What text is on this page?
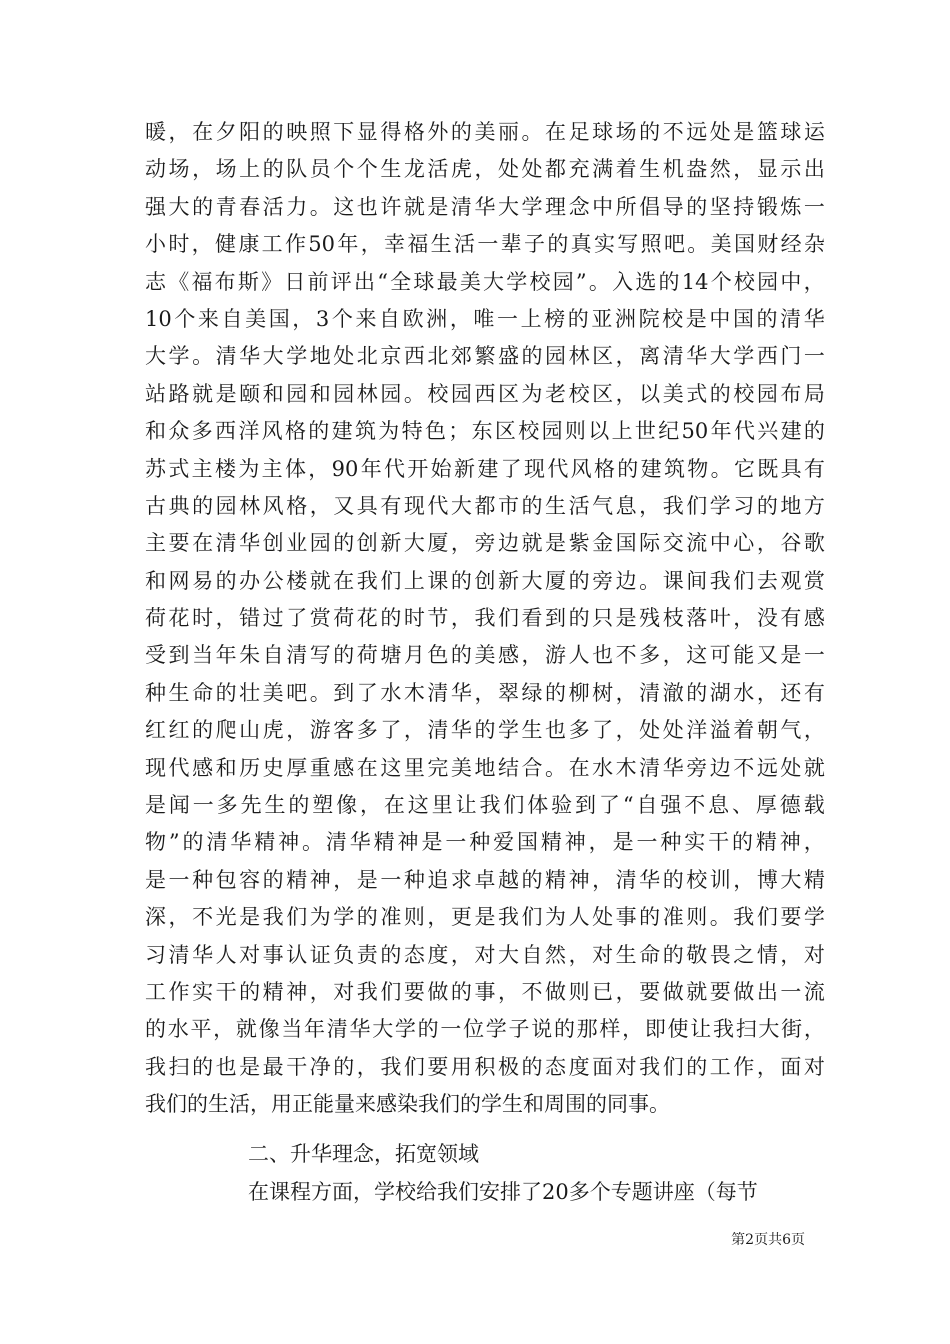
暖 ， 在 夕 阳 的 映 照 下 显 得 格 外 的 美 丽 。 在 足 球 场 的 不 远 处 是 篮 球 运
动 场 ， 场 上 的 队 员 个 个 生 龙 活 虎 ， 处 处 都 充 满 着 生 机 盎 然 ， 显 示 出
强 大 的 青 春 活 力 。 这 也 许 就 是 清 华 大 学 理 念 中 所 倡 导 的 坚 持 锻 炼 一
小 时 ， 健 康 工 作 50 年 ， 幸 福 生 活 一 辈 子 的 真 实 写 照 吧 。 美 国 财 经 杂
志 《 福 布 斯 》 日 前 评 出 “ 全 球 最 美 大 学 校 园 ” 。 入 选 的 14 个 校 园 中 ，
10 个 来 自 美 国 ， 3 个 来 自 欧 洲 ， 唯 一 上 榜 的 亚 洲 院 校 是 中 国 的 清 华
大 学 。 清 华 大 学 地 处 北 京 西 北 郊 繁 盛 的 园 林 区 ， 离 清 华 大 学 西 门 一
站 路 就 是 颐 和 园 和 园 林 园 。 校 园 西 区 为 老 校 区 ， 以 美 式 的 校 园 布 局
和 众 多 西 洋 风 格 的 建 筑 为 特 色 ； 东 区 校 园 则 以 上 世 纪 50 年 代 兴 建 的
苏 式 主 楼 为 主 体 ， 90 年 代 开 始 新 建 了 现 代 风 格 的 建 筑 物 。 它 既 具 有
古 典 的 园 林 风 格 ， 又 具 有 现 代 大 都 市 的 生 活 气 息 ， 我 们 学 习 的 地 方
主 要 在 清 华 创 业 园 的 创 新 大 厦 ， 旁 边 就 是 紫 金 国 际 交 流 中 心 ， 谷 歌
和 网 易 的 办 公 楼 就 在 我 们 上 课 的 创 新 大 厦 的 旁 边 。 课 间 我 们 去 观 赏
荷 花 时 ， 错 过 了 赏 荷 花 的 时 节 ， 我 们 看 到 的 只 是 残 枝 落 叶 ， 没 有 感
受 到 当 年 朱 自 清 写 的 荷 塘 月 色 的 美 感 ， 游 人 也 不 多 ， 这 可 能 又 是 一
种 生 命 的 壮 美 吧 。 到 了 水 木 清 华 ， 翠 绿 的 柳 树 ， 清 澈 的 湖 水 ， 还 有
红 红 的 爬 山 虎 ， 游 客 多 了 ， 清 华 的 学 生 也 多 了 ， 处 处 洋 溢 着 朝 气 ，
现 代 感 和 历 史 厚 重 感 在 这 里 完 美 地 结 合 。 在 水 木 清 华 旁 边 不 远 处 就
是 闻 一 多 先 生 的 塑 像 ， 在 这 里 让 我 们 体 验 到 了 “ 自 强 不 息 、 厚 德 载
物 ” 的 清 华 精 神 。 清 华 精 神 是 一 种 爱 国 精 神 ， 是 一 种 实 干 的 精 神 ，
是 一 种 包 容 的 精 神 ， 是 一 种 追 求 卓 越 的 精 神 ， 清 华 的 校 训 ， 博 大 精
深 ， 不 光 是 我 们 为 学 的 准 则 ， 更 是 我 们 为 人 处 事 的 准 则 。 我 们 要 学
习 清 华 人 对 事 认 证 负 责 的 态 度 ， 对 大 自 然 ， 对 生 命 的 敬 畏 之 情 ， 对
工 作 实 干 的 精 神 ， 对 我 们 要 做 的 事 ， 不 做 则 已 ， 要 做 就 要 做 出 一 流
的 水 平 ， 就 像 当 年 清 华 大 学 的 一 位 学 子 说 的 那 样 ， 即 使 让 我 扫 大 街 ，
我 扫 的 也 是 最 干 净 的 ， 我 们 要 用 积 极 的 态 度 面 对 我 们 的 工 作 ， 面 对
我们的生活，用正能量来感染我们的学生和周围的同事。
二、升华理念，拓宽领域
在课程方面，学校给我们安排了20多个专题讲座（每节
第2页共6页
